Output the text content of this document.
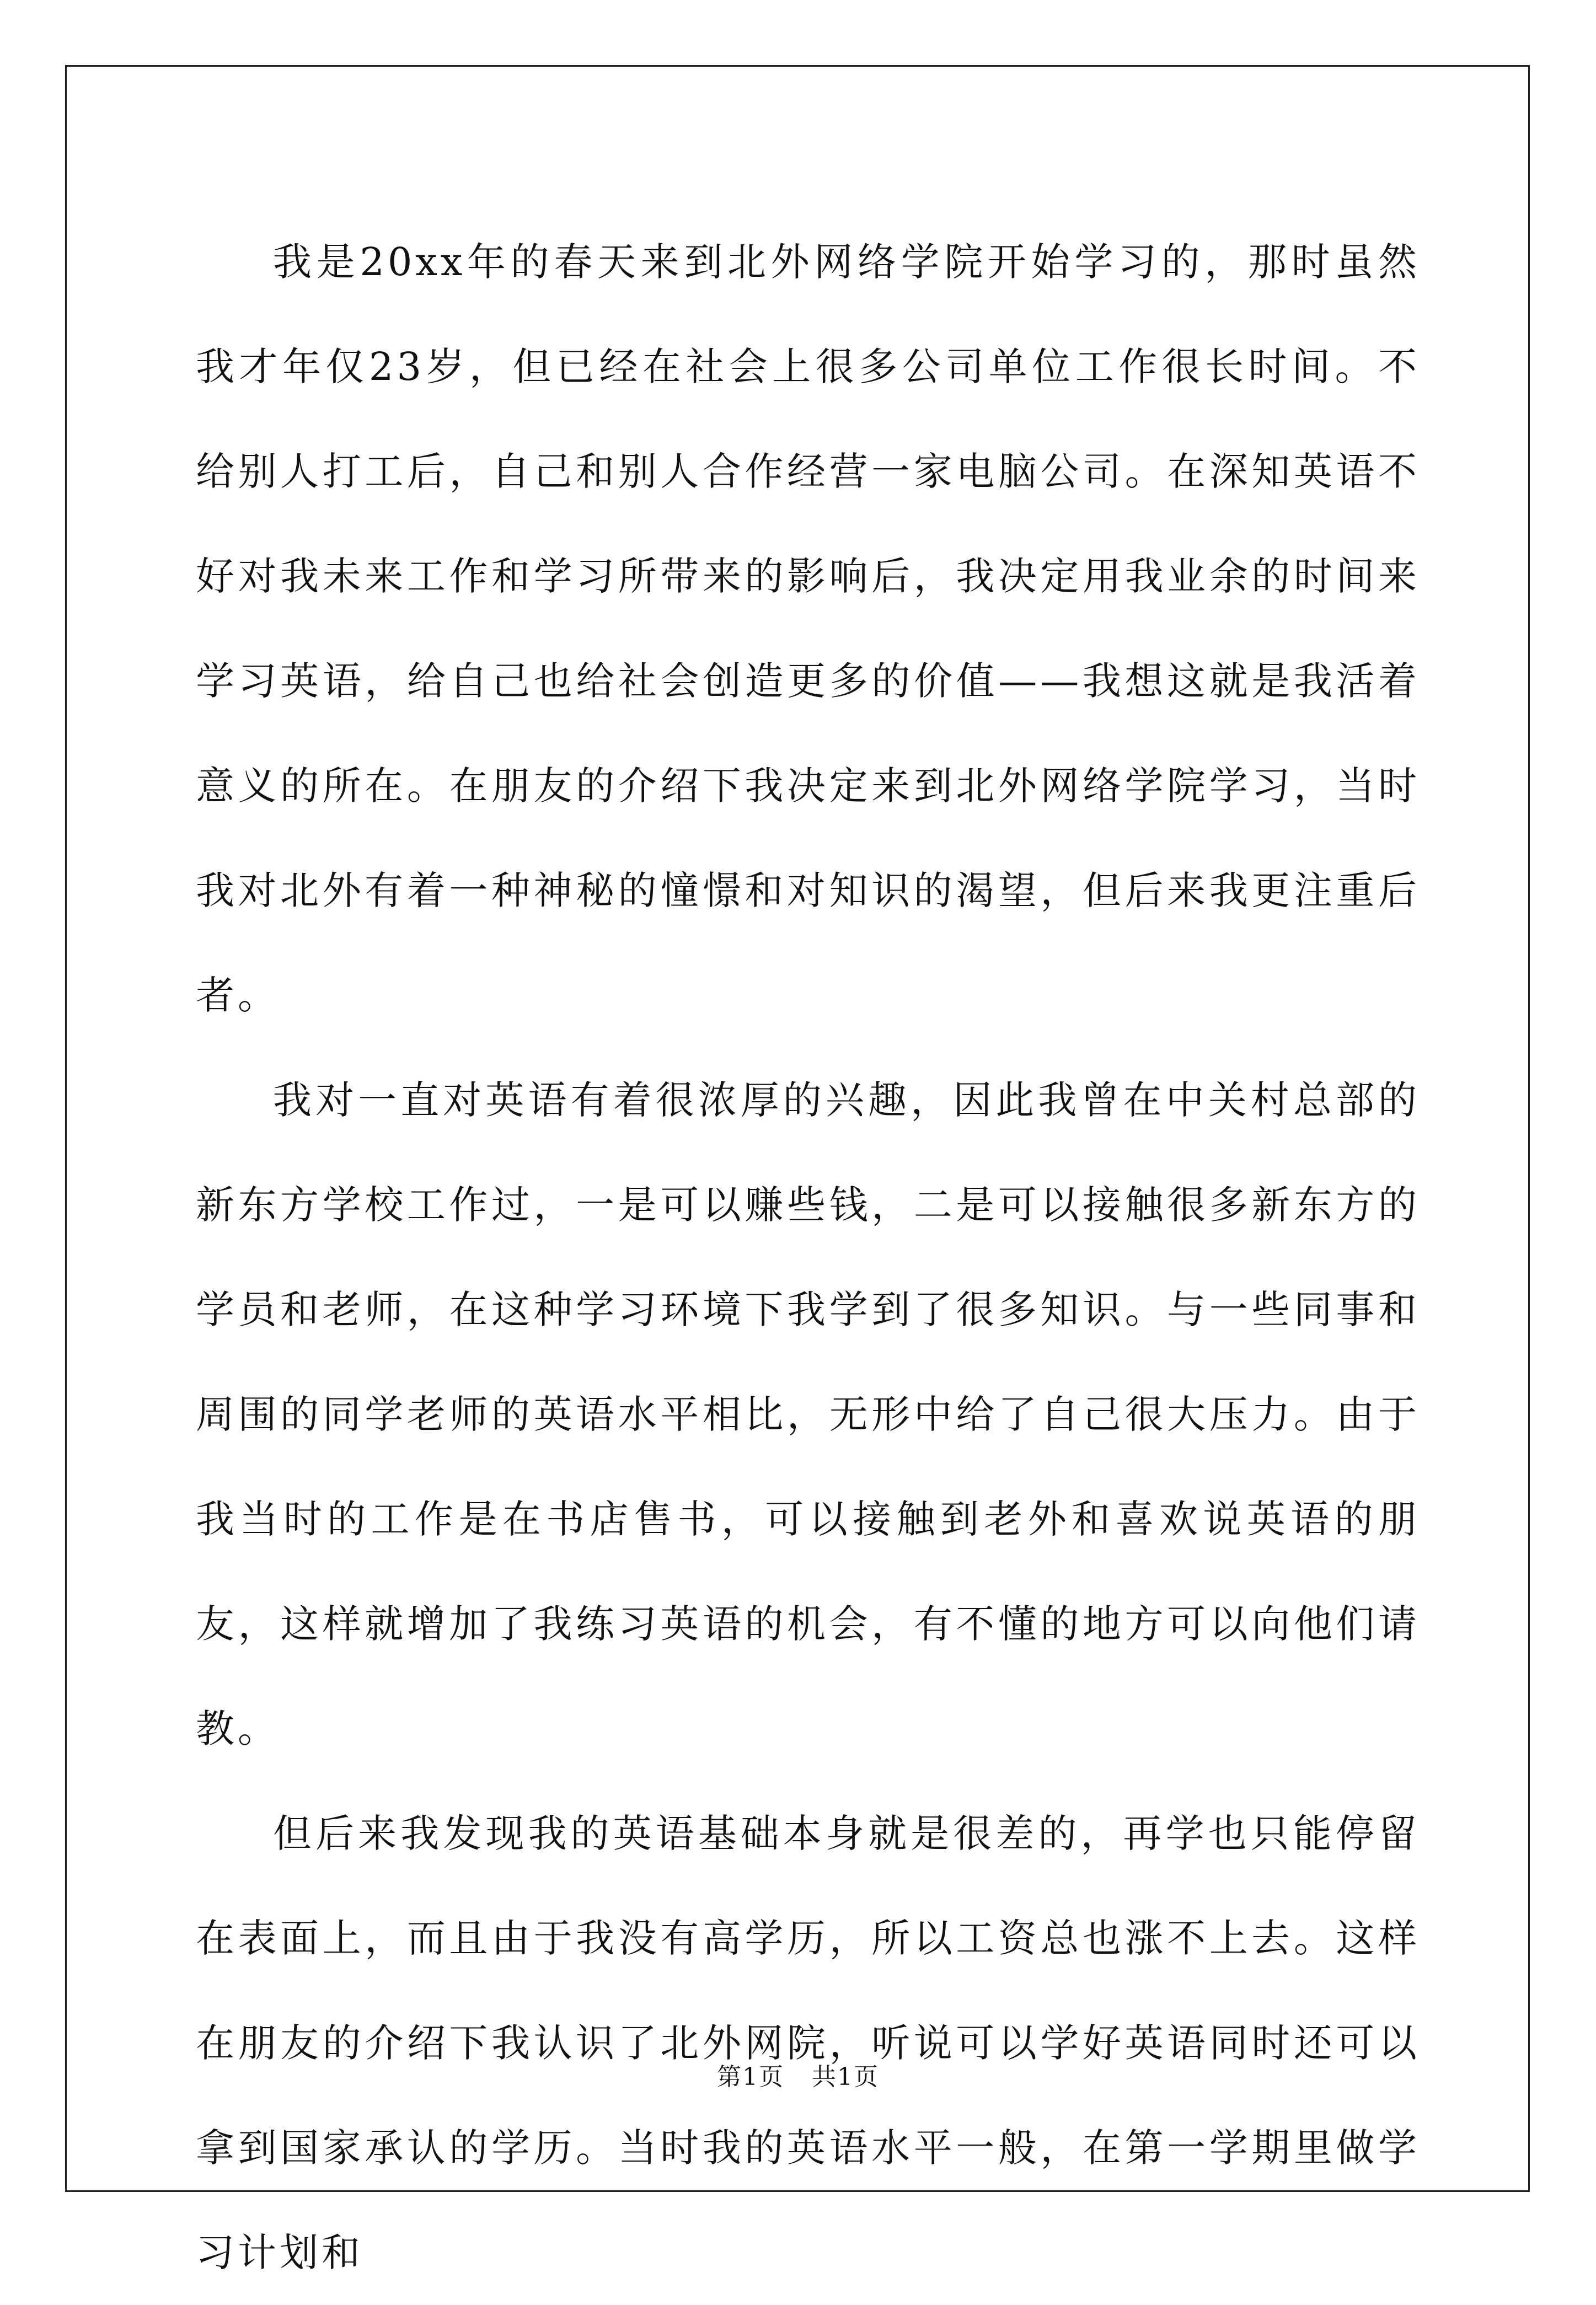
我是20xx年的春天来到北外网络学院开始学习的，那时虽然我才年仅23岁，但已经在社会上很多公司单位工作很长时间。不给别人打工后，自己和别人合作经营一家电脑公司。在深知英语不好对我未来工作和学习所带来的影响后，我决定用我业余的时间来学习英语，给自己也给社会创造更多的价值——我想这就是我活着意义的所在。在朋友的介绍下我决定来到北外网络学院学习，当时我对北外有着一种神秘的憧憬和对知识的渴望，但后来我更注重后者。

我对一直对英语有着很浓厚的兴趣，因此我曾在中关村总部的新东方学校工作过，一是可以赚些钱，二是可以接触很多新东方的学员和老师，在这种学习环境下我学到了很多知识。与一些同事和周围的同学老师的英语水平相比，无形中给了自己很大压力。由于我当时的工作是在书店售书，可以接触到老外和喜欢说英语的朋友，这样就增加了我练习英语的机会，有不懂的地方可以向他们请教。

但后来我发现我的英语基础本身就是很差的，再学也只能停留在表面上，而且由于我没有高学历，所以工资总也涨不上去。这样在朋友的介绍下我认识了北外网院，听说可以学好英语同时还可以拿到国家承认的学历。当时我的英语水平一般，在第一学期里做学习计划和

第1页 共1页
